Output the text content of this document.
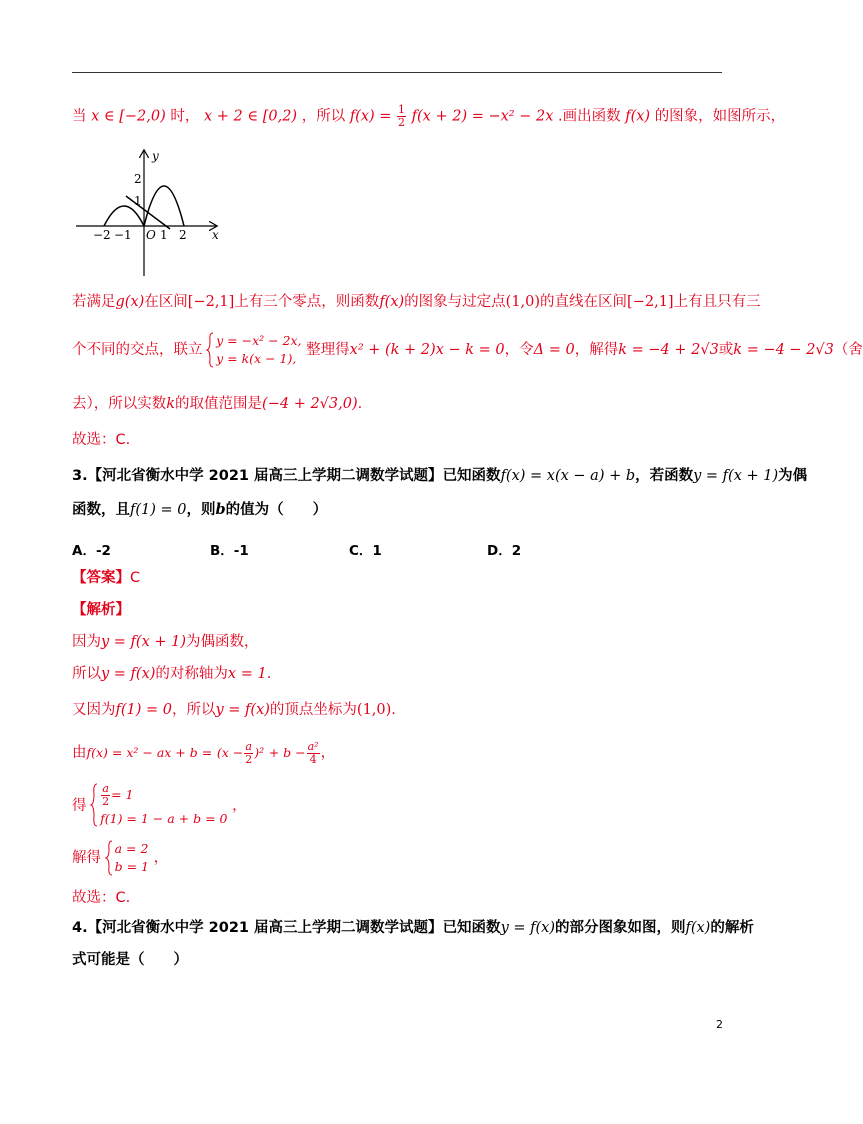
当 x ∈ [−2,0) 时， x + 2 ∈ [0,2) ，所以 $f(x) = \frac{1}{2} f(x + 2) = -x^2 - 2x$ .画出函数 f(x) 的图象，如图所示，
y
x
2
1
−2 −1 O 1 2
若满足g(x)在区间[−2,1]上有三个零点，则函数f(x)的图象与过定点(1,0)的直线在区间[−2,1]上有且只有三
个不同的交点，联立
y = −x² − 2x,
y = k(x − 1),
整理得x² + (k + 2)x − k = 0，令Δ = 0，解得k = −4 + 2√3或k = −4 − 2√3（舍
去），所以实数k的取值范围是(−4 + 2√3,0).
故选：C.
3.【河北省衡水中学 2021 届高三上学期二调数学试题】已知函数f(x) = x(x − a) + b，若函数y = f(x + 1)为偶
函数，且f(1) = 0，则b的值为（　　）
A．-2	B．-1	C．1	D．2
【答案】C
【解析】
因为y = f(x + 1)为偶函数，
所以y = f(x)的对称轴为x = 1.
又因为f(1) = 0，所以y = f(x)的顶点坐标为(1,0).
由f(x) = x² − ax + $b = (x - \frac{a}{2} )^2 + b - \frac{\text{a²}}{4}$ ，
得 $\frac{a}{2} = 1$
f(1) = 1 − a + b = 0
，
解得
a = 2
b = 1
，
故选：C.
4.【河北省衡水中学 2021 届高三上学期二调数学试题】已知函数y = f(x)的部分图象如图，则f(x)的解析
式可能是（　　）
2
